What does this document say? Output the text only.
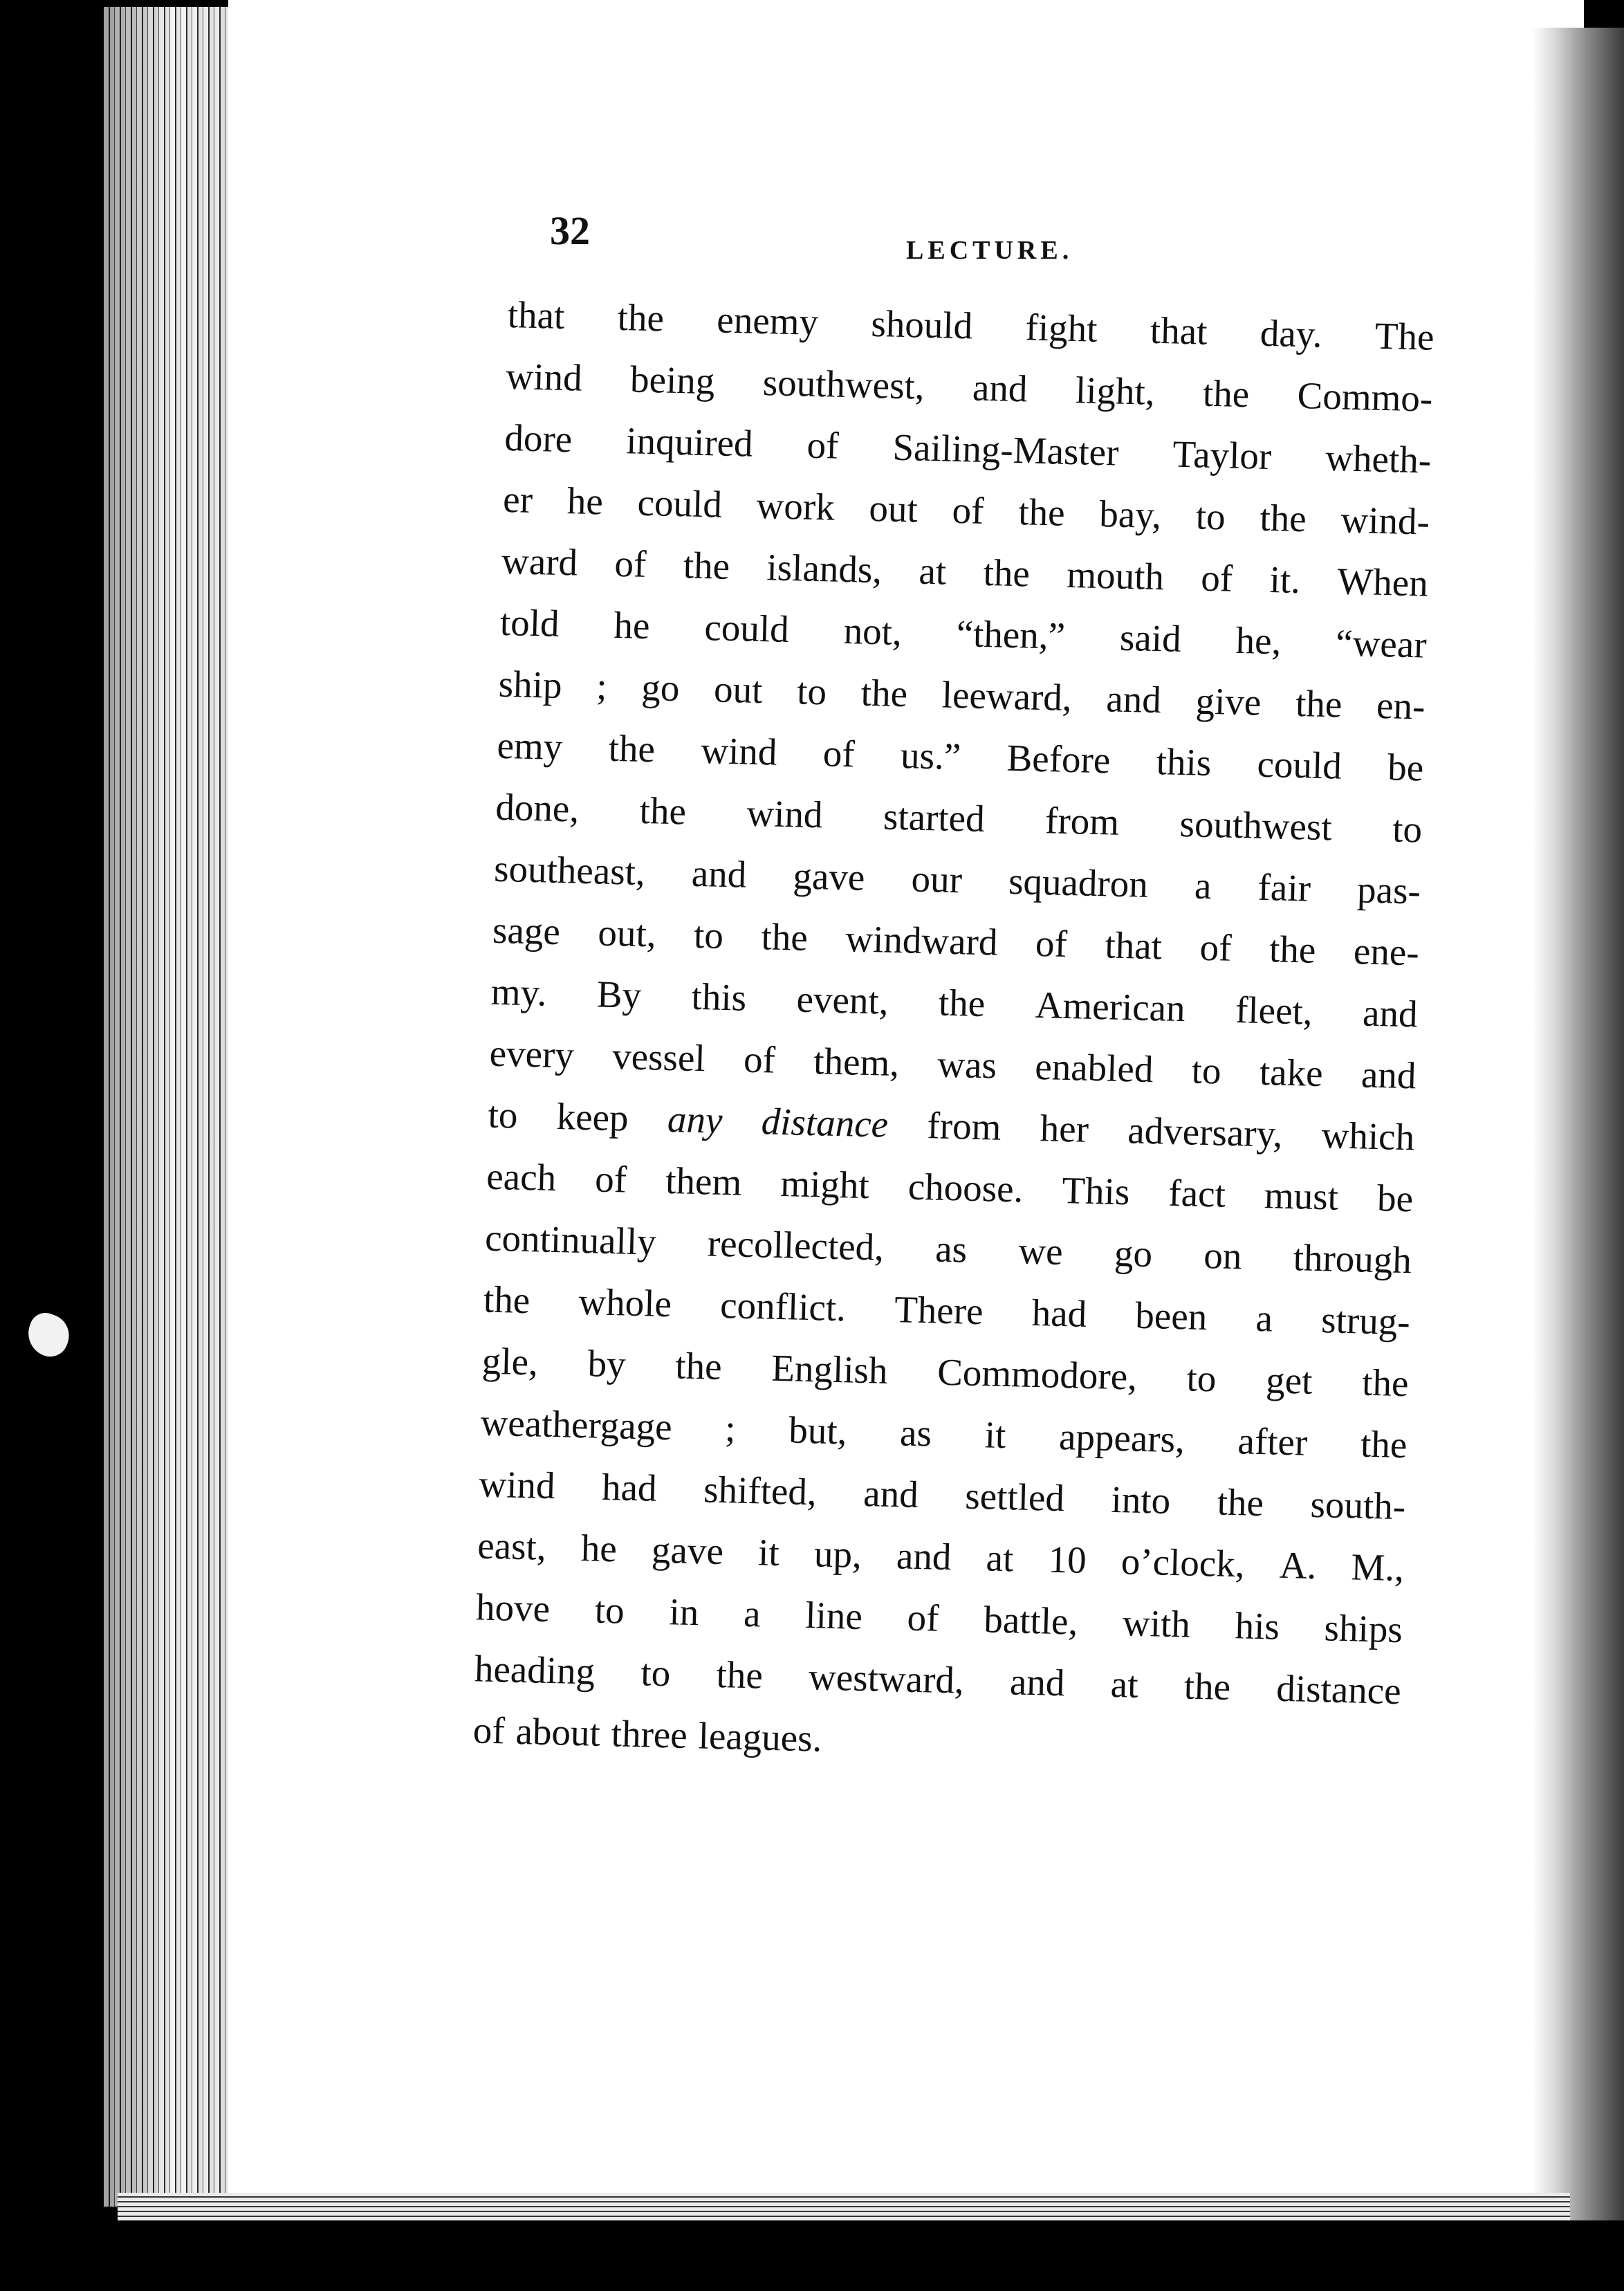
32	LECTURE.
that the enemy should fight that day. The
wind being southwest, and light, the Commo-
dore inquired of Sailing-Master Taylor wheth-
er he could work out of the bay, to the wind-
ward of the islands, at the mouth of it. When
told he could not, “then,” said he, “wear
ship ; go out to the leeward, and give the en-
emy the wind of us.” Before this could be
done, the wind started from southwest to
southeast, and gave our squadron a fair pas-
sage out, to the windward of that of the ene-
my. By this event, the American fleet, and
every vessel of them, was enabled to take and
to keep any distance from her adversary, which
each of them might choose. This fact must be
continually recollected, as we go on through
the whole conflict. There had been a strug-
gle, by the English Commodore, to get the
weathergage ; but, as it appears, after the
wind had shifted, and settled into the south-
east, he gave it up, and at 10 o’clock, A. M.,
hove to in a line of battle, with his ships
heading to the westward, and at the distance
of about three leagues.
